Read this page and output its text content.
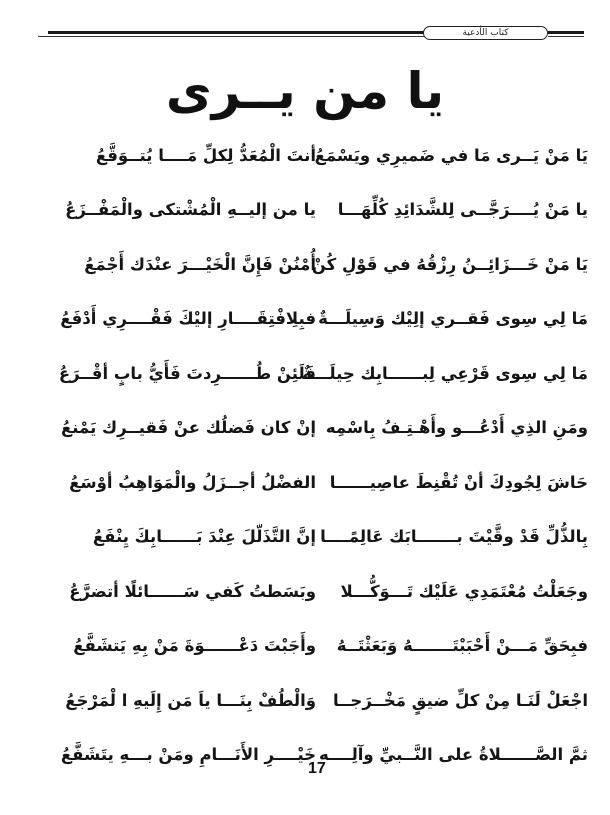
كتاب الأدعية
يا من يــرى
يَا مَنْ يَــرى مَا في ضَميرِي ويَسْمَعُ
أنتَ الْمُعَدُّ لِكلِّ مَــــا يُتــوَقَّعُ
يا مَنْ يُــــرَجَّــى لِلشَّدَائِدِ كُلِّهَـــا
يا من إليــهِ الْمُشْتكى والْمَفْــزَعُ
يَا مَنْ خَـــزَائِــنُ رِزْقُهُ في قَوْلِ كُنْ
أُمْنُنْ فَإِنَّ الْخَيْـــرَ عنْدَك أَجْمَعُ
مَا لِي سِوى فَقــري إلِيْك وَسِيلَـــةٌ
فبِلِافْتِقَــــارِ إليْكَ فَقْــــرِي أَدْفَعُ
مَا لِي سِوى قَرْعِي لِبــــــابِك حِيلَـــةٌ
فَلَئِنْ طُــــــرِدتَ فَأَيُّ بابٍ أقْــرَعُ
ومَنِ الذِي أَدْعُـــو وأَهْـتِـفُ بِاسْمِه
إنْ كان فَضلُك عنْ فَقيــرِك يَمْنعُ
حَاشَ لِجُودِكَ أنْ تُقْنِطَ عاصِيــــــا
الفضْلُ أجــزَلُ والْمَوَاهِبُ أوْسَعُ
بِالذُّلِّ قَدْ وقَّيْتَ بـــــــابَك عَالِمًــــا
إنَّ التَّذَلّلَ عِنْدَ بَــــــابِكَ يِنْفَعُ
وجَعَلْتُ مُعْتَمَدِي عَلَيْك تَـــوَكُّـــلا
وبَسَطتُ كَفي سَــــــائلًا أتضرَّعُ
فبِحَقِّ مَـــنْ أَحْبَبْتَـــــــهُ وَبَعَثْتَــهُ
وأَجَبْتَ دَعْــــــوَةَ مَنْ بِهِ يَتشَفَّعُ
اجْعَلْ لَنَـا مِنْ كلِّ ضيقٍ مَخْــرَجــا
وَالْطُفْ بِنَـــا ياَ مَن إِلَيهِ ا لْمَرْجَعُ
ثمَّ الصَّــــــلاةُ على النَّــبيِّ وآلِــــه
خَيْــــرِ الأَنَـــامِ ومَنْ بـــهِ يتَشَفَّعُ
17
